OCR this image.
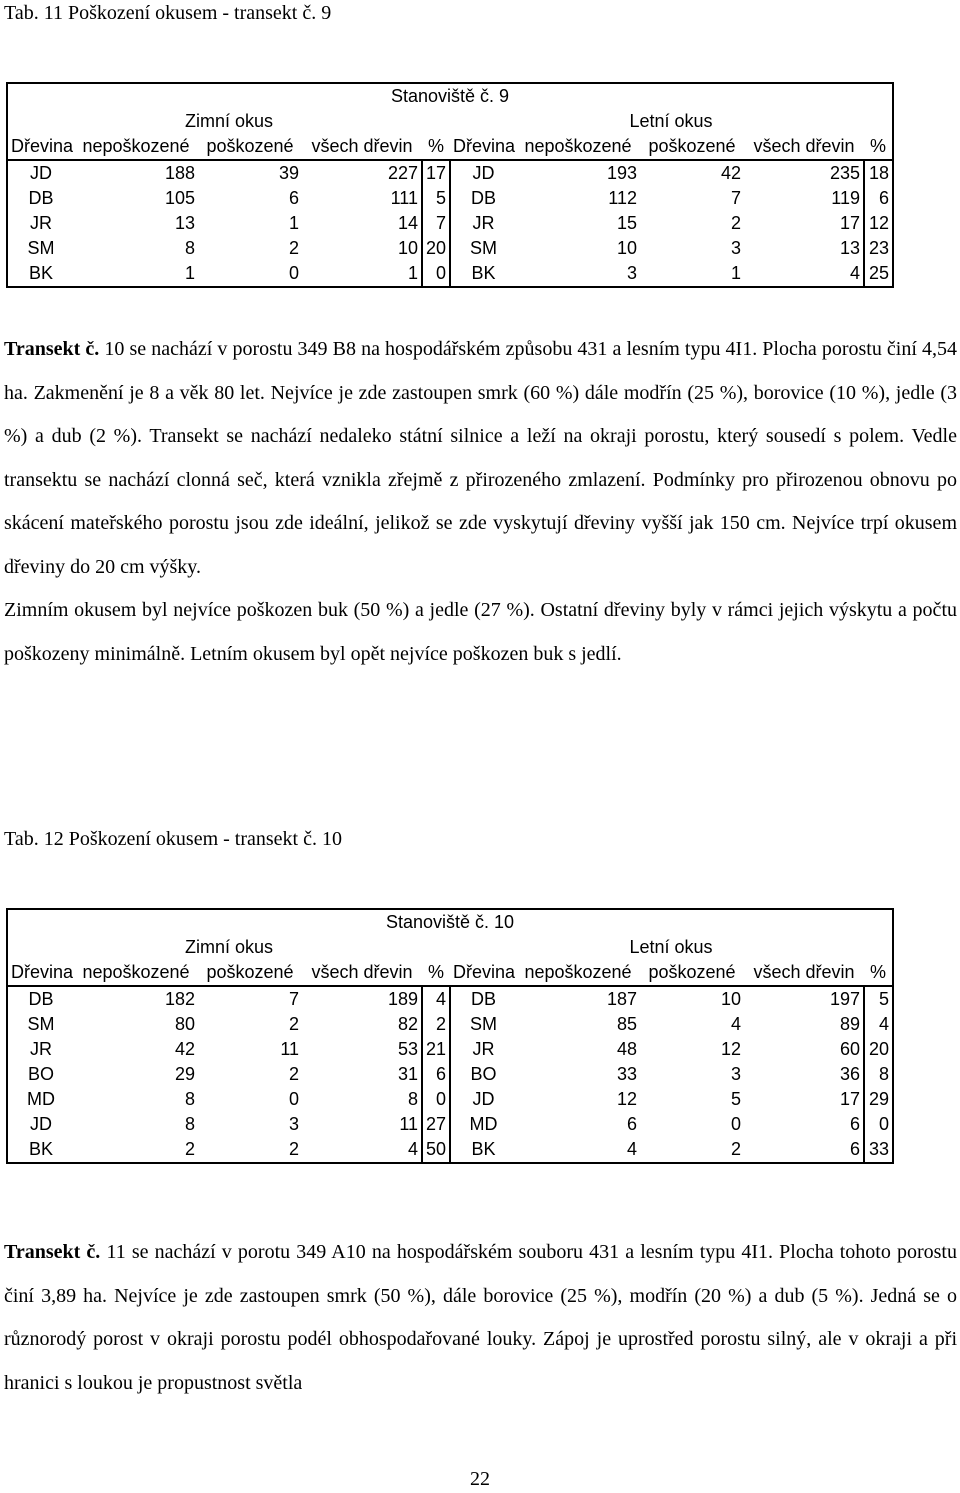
Tab. 11 Poškození okusem - transekt č. 9
Stanoviště č. 9									
Zimní okus					Letní okus				
Dřevina	nepoškozené	poškozené	všech dřevin	%	Dřevina	nepoškozené	poškozené	všech dřevin	%
JD	188	39	227	17	JD	193	42	235	18
DB	105	6	111	5	DB	112	7	119	6
JR	13	1	14	7	JR	15	2	17	12
SM	8	2	10	20	SM	10	3	13	23
BK	1	0	1	0	BK	3	1	4	25

Transekt č. 10 se nachází v porostu 349 B8 na hospodářském způsobu 431 a lesním typu 4I1. Plocha porostu činí 4,54 ha. Zakmenění je 8 a věk 80 let. Nejvíce je zde zastoupen smrk (60 %) dále modřín (25 %), borovice (10 %), jedle (3 %) a dub (2 %). Transekt se nachází nedaleko státní silnice a leží na okraji porostu, který sousedí s polem. Vedle transektu se nachází clonná seč, která vznikla zřejmě z přirozeného zmlazení. Podmínky pro přirozenou obnovu po skácení mateřského porostu jsou zde ideální, jelikož se zde vyskytují dřeviny vyšší jak 150 cm. Nejvíce trpí okusem dřeviny do 20 cm výšky.

Zimním okusem byl nejvíce poškozen buk (50 %) a jedle (27 %). Ostatní dřeviny byly v rámci jejich výskytu a počtu poškozeny minimálně. Letním okusem byl opět nejvíce poškozen buk s jedlí.

Tab. 12 Poškození okusem - transekt č. 10
Stanoviště č. 10									
Zimní okus					Letní okus				
Dřevina	nepoškozené	poškozené	všech dřevin	%	Dřevina	nepoškozené	poškozené	všech dřevin	%
DB	182	7	189	4	DB	187	10	197	5
SM	80	2	82	2	SM	85	4	89	4
JR	42	11	53	21	JR	48	12	60	20
BO	29	2	31	6	BO	33	3	36	8
MD	8	0	8	0	JD	12	5	17	29
JD	8	3	11	27	MD	6	0	6	0
BK	2	2	4	50	BK	4	2	6	33

Transekt č. 11 se nachází v porotu 349 A10 na hospodářském souboru 431 a lesním typu 4I1. Plocha tohoto porostu činí 3,89 ha. Nejvíce je zde zastoupen smrk (50 %), dále borovice (25 %), modřín (20 %) a dub (5 %). Jedná se o různorodý porost v okraji porostu podél obhospodařované louky. Zápoj je uprostřed porostu silný, ale v okraji a při hranici s loukou je propustnost světla

22
